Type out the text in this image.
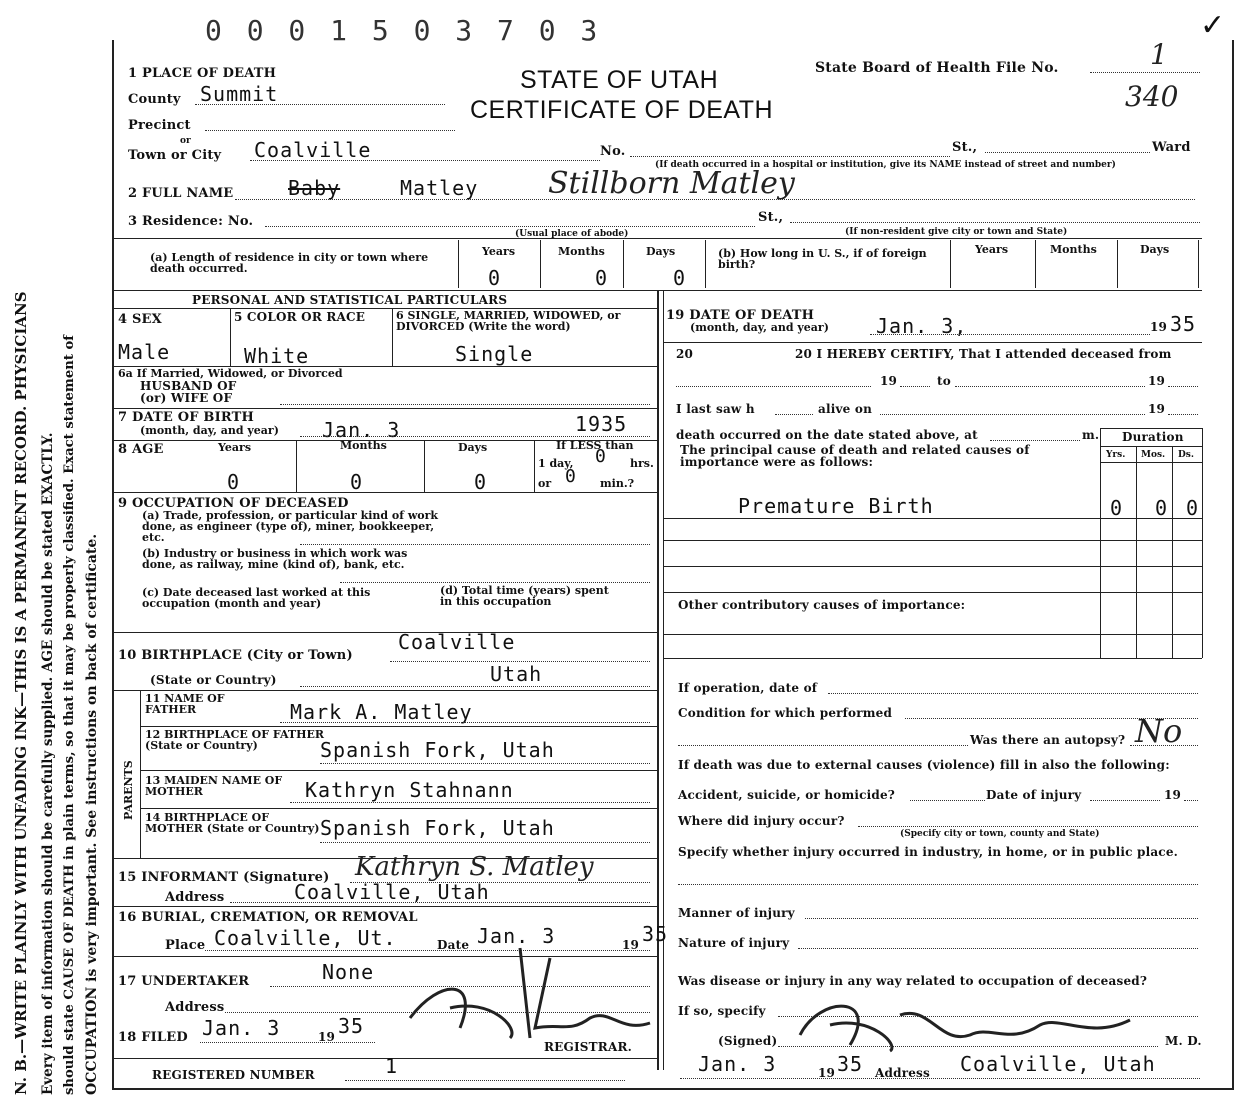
N. B.—WRITE PLAINLY WITH UNFADING INK—THIS IS A PERMANENT RECORD. PHYSICIANS Every item of information should be carefully supplied. AGE should be stated EXACTLY. should state CAUSE OF DEATH in plain terms, so that it may be properly classified. Exact statement of OCCUPATION is very important. See instructions on back of certificate.
0 0 0 1 5 0 3 7 0 3
STATE OF UTAH
CERTIFICATE OF DEATH
State Board of Health File No.	1
340
✓
1 PLACE OF DEATH
County Summit
Precinct
or
Town or City Coalville	No.	St.,	Ward
(If death occurred in a hospital or institution, give its NAME instead of street and number)
2 FULL NAME	Baby	Matley Stillborn Matley
3 Residence: No.	St.,
(Usual place of abode)	(If non-resident give city or town and State)
(a) Length of residence in city or town where death occurred.
Years	Months	Days
0	0	0
(b) How long in U. S., if of foreign birth?
Years	Months	Days
PERSONAL AND STATISTICAL PARTICULARS
4 SEX	5 COLOR OR RACE	6 SINGLE, MARRIED, WIDOWED, or DIVORCED (Write the word)
Male	White	Single
6a If Married, Widowed, or Divorced
HUSBAND OF
(or) WIFE OF
7 DATE OF BIRTH
(month, day, and year) Jan. 3	1935
8 AGE	Years	Months	Days
0	0	0
If LESS than
1 day, 0 hrs.
or 0 min.?
9 OCCUPATION OF DECEASED
(a) Trade, profession, or particular kind of work done, as engineer (type of), miner, bookkeeper, etc.
(b) Industry or business in which work was done, as railway, mine (kind of), bank, etc.
(c) Date deceased last worked at this occupation (month and year)
(d) Total time (years) spent in this occupation
10 BIRTHPLACE (City or Town)
Coalville
(State or Country)	Utah
PARENTS
11 NAME OF FATHER	Mark A. Matley
12 BIRTHPLACE OF FATHER (State or Country)	Spanish Fork, Utah
13 MAIDEN NAME OF MOTHER	Kathryn Stahnann
14 BIRTHPLACE OF MOTHER (State or Country) Spanish Fork, Utah
15 INFORMANT (Signature) Kathryn S. Matley
Address	Coalville, Utah
16 BURIAL, CREMATION, OR REMOVAL
Place Coalville, Ut.	Date Jan. 3	19 35
17 UNDERTAKER	None
Address
18 FILED Jan. 3	19 35
REGISTRAR.
REGISTERED NUMBER	1
19 DATE OF DEATH
(month, day, and year) Jan. 3,	19 35
20	20 I HEREBY CERTIFY, That I attended deceased from
19	to	19
I last saw h	alive on	19
death occurred on the date stated above, at	m. Duration
The principal cause of death and related causes of importance were as follows:	Yrs. Mos. Ds.
Premature Birth	0 0 0
Other contributory causes of importance:
If operation, date of
Condition for which performed
Was there an autopsy? No
If death was due to external causes (violence) fill in also the following:
Accident, suicide, or homicide?	Date of injury	19
Where did injury occur?
(Specify city or town, county and State)
Specify whether injury occurred in industry, in home, or in public place.
Manner of injury
Nature of injury
Was disease or injury in any way related to occupation of deceased?
If so, specify
(Signed)	M. D.
Jan. 3	19 35 Address Coalville, Utah
